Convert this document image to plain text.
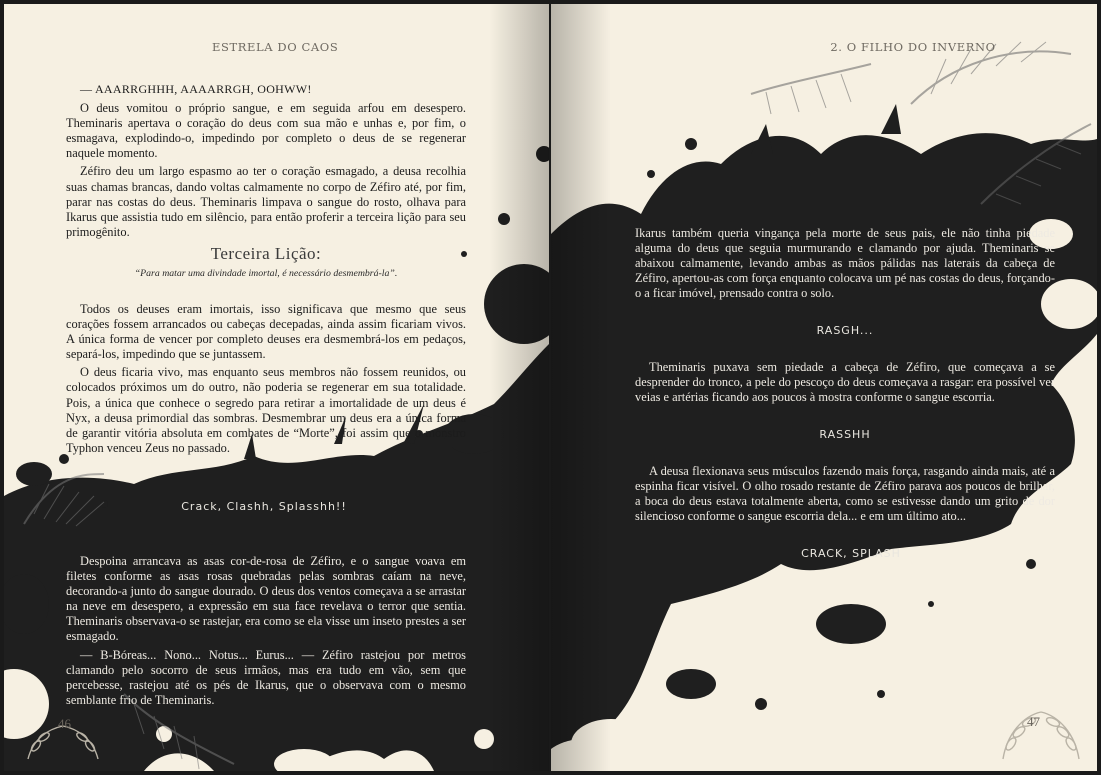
ESTRELA DO CAOS

— AAARRGHHH, AAAARRGH, OOHWW!

O deus vomitou o próprio sangue, e em seguida arfou em desespero. Theminaris apertava o coração do deus com sua mão e unhas e, por fim, o esmagava, explodindo-o, impedindo por completo o deus de se regenerar naquele momento.

Zéfiro deu um largo espasmo ao ter o coração esmagado, a deusa recolhia suas chamas brancas, dando voltas calmamente no corpo de Zéfiro até, por fim, parar nas costas do deus. Theminaris limpava o sangue do rosto, olhava para Ikarus que assistia tudo em silêncio, para então proferir a terceira lição para seu primogênito.

Terceira Lição:
“Para matar uma divindade imortal, é necessário desmembrá-la”.

Todos os deuses eram imortais, isso significava que mesmo que seus corações fossem arrancados ou cabeças decepadas, ainda assim ficariam vivos. A única forma de vencer por completo deuses era desmembrá-los em pedaços, separá-los, impedindo que se juntassem.

O deus ficaria vivo, mas enquanto seus membros não fossem reunidos, ou colocados próximos um do outro, não poderia se regenerar em sua totalidade. Pois, a única que conhece o segredo para retirar a imortalidade de um deus é Nyx, a deusa primordial das sombras. Desmembrar um deus era a única forma de garantir vitória absoluta em combates de “Morte”, foi assim que o monstro Typhon venceu Zeus no passado.

Crack, Clashh, Splasshh!!

Despoina arrancava as asas cor-de-rosa de Zéfiro, e o sangue voava em filetes conforme as asas rosas quebradas pelas sombras caíam na neve, decorando-a junto do sangue dourado. O deus dos ventos começava a se arrastar na neve em desespero, a expressão em sua face revelava o terror que sentia. Theminaris observava-o se rastejar, era como se ela visse um inseto prestes a ser esmagado.

— B-Bóreas... Nono... Notus... Eurus... — Zéfiro rastejou por metros clamando pelo socorro de seus irmãos, mas era tudo em vão, sem que percebesse, rastejou até os pés de Ikarus, que o observava com o mesmo semblante frio de Theminaris.

46
2. O FILHO DO INVERNO

Ikarus também queria vingança pela morte de seus pais, ele não tinha piedade alguma do deus que seguia murmurando e clamando por ajuda. Theminaris se abaixou calmamente, levando ambas as mãos pálidas nas laterais da cabeça de Zéfiro, apertou-as com força enquanto colocava um pé nas costas do deus, forçando-o a ficar imóvel, prensado contra o solo.

RASGH...

Theminaris puxava sem piedade a cabeça de Zéfiro, que começava a se desprender do tronco, a pele do pescoço do deus começava a rasgar: era possível ver veias e artérias ficando aos poucos à mostra conforme o sangue escorria.

RASSHH

A deusa flexionava seus músculos fazendo mais força, rasgando ainda mais, até a espinha ficar visível. O olho rosado restante de Zéfiro parava aos poucos de brilhar, a boca do deus estava totalmente aberta, como se estivesse dando um grito de dor silencioso conforme o sangue escorria dela... e em um último ato...

CRACK, SPLASH
47
